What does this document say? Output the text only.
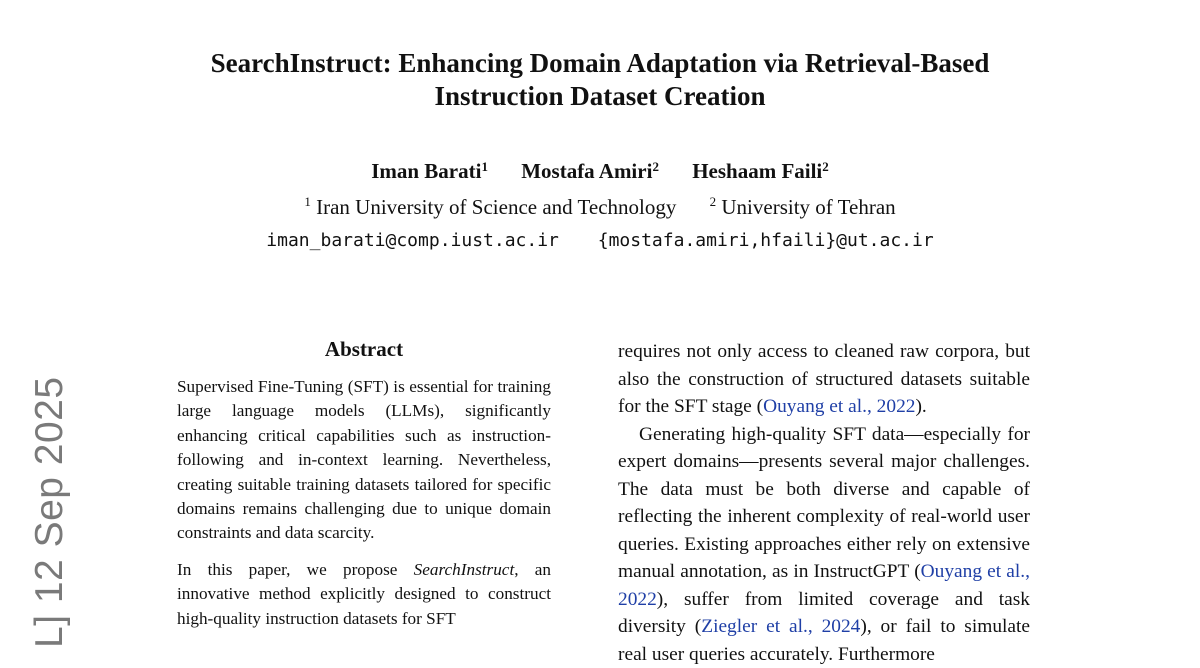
SearchInstruct: Enhancing Domain Adaptation via Retrieval-Based
Instruction Dataset Creation
Iman Barati$^1$ Mostafa Amiri$^2$ Heshaam Faili$^2$
$^1$ Iran University of Science and Technology	$^2$ University of Tehran
iman_barati@comp.iust.ac.ir {mostafa.amiri,hfaili}@ut.ac.ir
L] 12 Sep 2025
Abstract

Supervised Fine-Tuning (SFT) is essential for training large language models (LLMs), significantly enhancing critical capabilities such as instruction-following and in-context learning. Nevertheless, creating suitable training datasets tailored for specific domains remains challenging due to unique domain constraints and data scarcity.

In this paper, we propose SearchInstruct, an innovative method explicitly designed to construct high-quality instruction datasets for SFT

requires not only access to cleaned raw corpora, but also the construction of structured datasets suitable for the SFT stage (Ouyang et al., 2022).

Generating high-quality SFT data—especially for expert domains—presents several major challenges. The data must be both diverse and capable of reflecting the inherent complexity of real-world user queries. Existing approaches either rely on extensive manual annotation, as in InstructGPT (Ouyang et al., 2022), suffer from limited coverage and task diversity (Ziegler et al., 2024), or fail to simulate real user queries accurately. Furthermore
